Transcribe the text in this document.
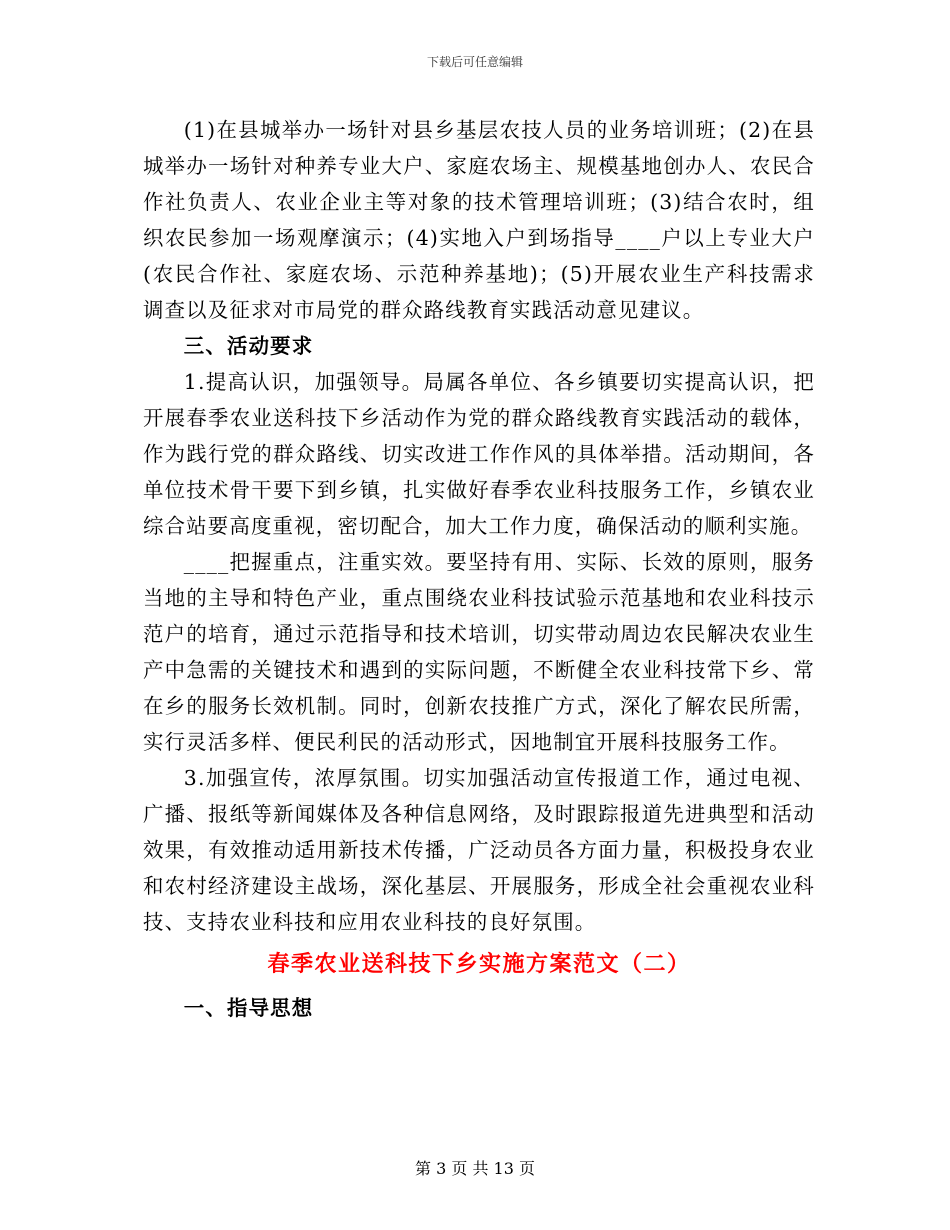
下载后可任意编辑

(1)在县城举办一场针对县乡基层农技人员的业务培训班；(2)在县城举办一场针对种养专业大户、家庭农场主、规模基地创办人、农民合作社负责人、农业企业主等对象的技术管理培训班；(3)结合农时，组织农民参加一场观摩演示；(4)实地入户到场指导____户以上专业大户(农民合作社、家庭农场、示范种养基地)；(5)开展农业生产科技需求调查以及征求对市局党的群众路线教育实践活动意见建议。

三、活动要求

1.提高认识，加强领导。局属各单位、各乡镇要切实提高认识，把开展春季农业送科技下乡活动作为党的群众路线教育实践活动的载体，作为践行党的群众路线、切实改进工作作风的具体举措。活动期间，各单位技术骨干要下到乡镇，扎实做好春季农业科技服务工作，乡镇农业综合站要高度重视，密切配合，加大工作力度，确保活动的顺利实施。

____把握重点，注重实效。要坚持有用、实际、长效的原则，服务当地的主导和特色产业，重点围绕农业科技试验示范基地和农业科技示范户的培育，通过示范指导和技术培训，切实带动周边农民解决农业生产中急需的关键技术和遇到的实际问题，不断健全农业科技常下乡、常在乡的服务长效机制。同时，创新农技推广方式，深化了解农民所需，实行灵活多样、便民利民的活动形式，因地制宜开展科技服务工作。

3.加强宣传，浓厚氛围。切实加强活动宣传报道工作，通过电视、广播、报纸等新闻媒体及各种信息网络，及时跟踪报道先进典型和活动效果，有效推动适用新技术传播，广泛动员各方面力量，积极投身农业和农村经济建设主战场，深化基层、开展服务，形成全社会重视农业科技、支持农业科技和应用农业科技的良好氛围。

春季农业送科技下乡实施方案范文（二）

一、指导思想

第 3 页 共 13 页
